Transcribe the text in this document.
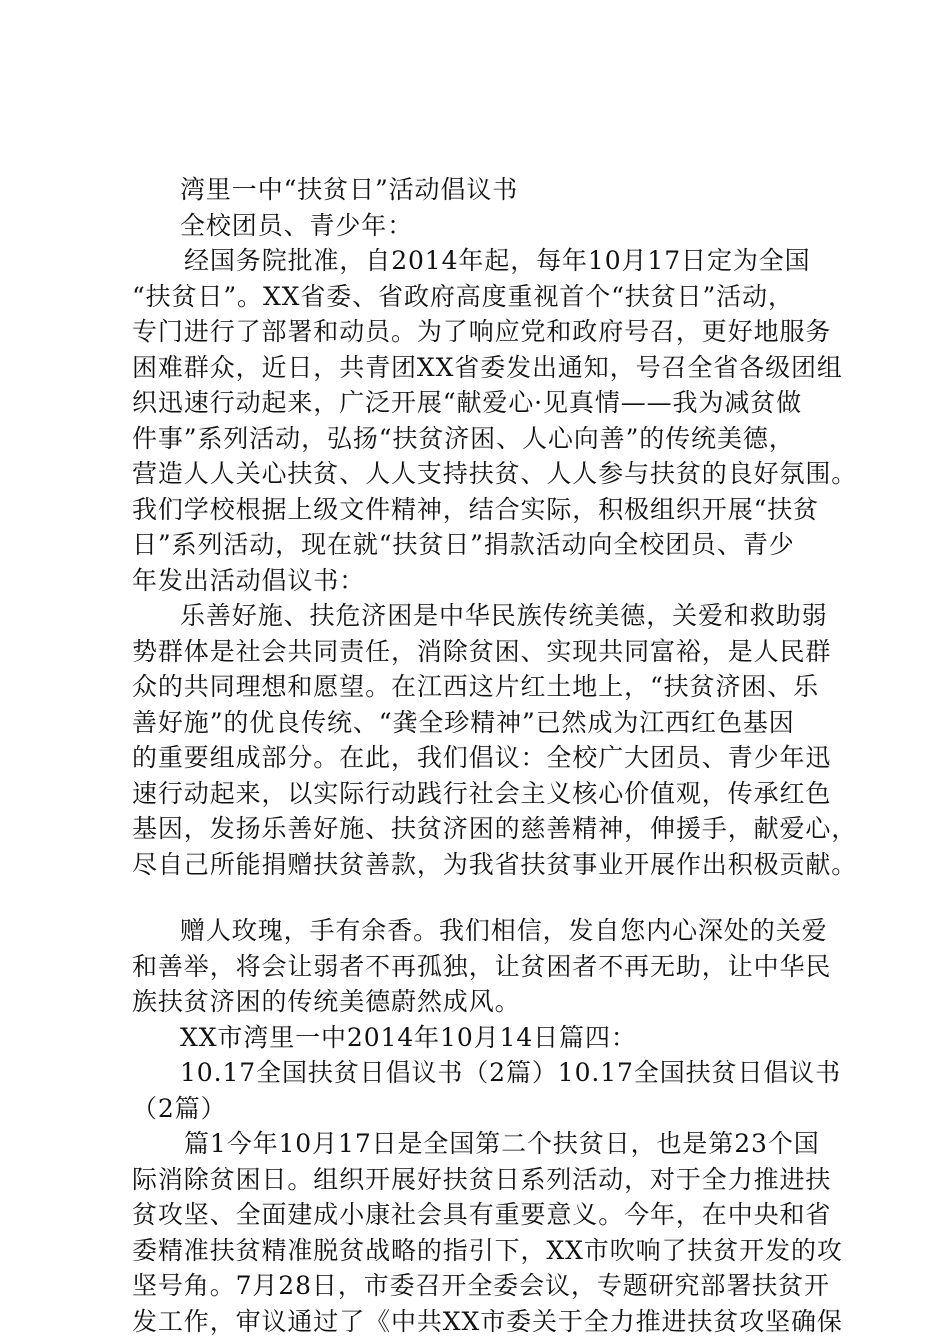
湾里一中“扶贫日”活动倡议书
全校团员、青少年：
经国务院批准，自2014年起，每年10月17日定为全国
“扶贫日”。XX省委、省政府高度重视首个“扶贫日”活动，
专门进行了部署和动员。为了响应党和政府号召，更好地服务
困难群众，近日，共青团XX省委发出通知，号召全省各级团组
织迅速行动起来，广泛开展“献爱心·见真情——我为减贫做
件事”系列活动，弘扬“扶贫济困、人心向善”的传统美德，
营造人人关心扶贫、人人支持扶贫、人人参与扶贫的良好氛围。
我们学校根据上级文件精神，结合实际，积极组织开展“扶贫
日”系列活动，现在就“扶贫日”捐款活动向全校团员、青少
年发出活动倡议书：
乐善好施、扶危济困是中华民族传统美德，关爱和救助弱
势群体是社会共同责任，消除贫困、实现共同富裕，是人民群
众的共同理想和愿望。在江西这片红土地上，“扶贫济困、乐
善好施”的优良传统、“龚全珍精神”已然成为江西红色基因
的重要组成部分。在此，我们倡议：全校广大团员、青少年迅
速行动起来，以实际行动践行社会主义核心价值观，传承红色
基因，发扬乐善好施、扶贫济困的慈善精神，伸援手，献爱心，
尽自己所能捐赠扶贫善款，为我省扶贫事业开展作出积极贡献。
赠人玫瑰，手有余香。我们相信，发自您内心深处的关爱
和善举，将会让弱者不再孤独，让贫困者不再无助，让中华民
族扶贫济困的传统美德蔚然成风。
XX市湾里一中2014年10月14日篇四：
10.17全国扶贫日倡议书（2篇）10.17全国扶贫日倡议书
（2篇）
篇1今年10月17日是全国第二个扶贫日，也是第23个国
际消除贫困日。组织开展好扶贫日系列活动，对于全力推进扶
贫攻坚、全面建成小康社会具有重要意义。今年，在中央和省
委精准扶贫精准脱贫战略的指引下，XX市吹响了扶贫开发的攻
坚号角。7月28日，市委召开全委会议，专题研究部署扶贫开
发工作，审议通过了《中共XX市委关于全力推进扶贫攻坚确保
